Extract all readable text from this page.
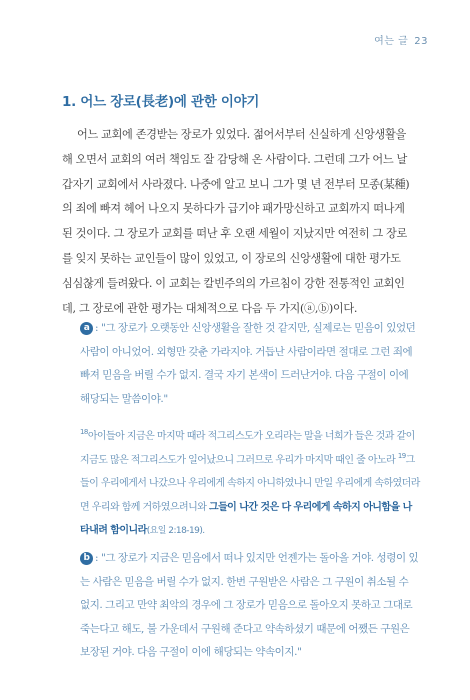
여는 글 23
1. 어느 장로(長老)에 관한 이야기
어느 교회에 존경받는 장로가 있었다. 젊어서부터 신실하게 신앙생활을
해 오면서 교회의 여러 책임도 잘 감당해 온 사람이다. 그런데 그가 어느 날
갑자기 교회에서 사라졌다. 나중에 알고 보니 그가 몇 년 전부터 모종(某種)
의 죄에 빠져 헤어 나오지 못하다가 급기야 패가망신하고 교회까지 떠나게
된 것이다. 그 장로가 교회를 떠난 후 오랜 세월이 지났지만 여전히 그 장로
를 잊지 못하는 교인들이 많이 있었고, 이 장로의 신앙생활에 대한 평가도
심심찮게 들려왔다. 이 교회는 칼빈주의의 가르침이 강한 전통적인 교회인
데, 그 장로에 관한 평가는 대체적으로 다음 두 가지(ⓐ,ⓑ)이다.
a : "그 장로가 오랫동안 신앙생활을 잘한 것 같지만, 실제로는 믿음이 있었던
사람이 아니었어. 외형만 갖춘 가라지야. 거듭난 사람이라면 절대로 그런 죄에
빠져 믿음을 버릴 수가 없지. 결국 자기 본색이 드러난거야. 다음 구절이 이에
해당되는 말씀이야."
$^{18}$아이들아 지금은 마지막 때라 적그리스도가 오리라는 말을 너희가 들은 것과 같이
지금도 많은 적그리스도가 일어났으니 그러므로 우리가 마지막 때인 줄 아노라 $^{19}$그
들이 우리에게서 나갔으나 우리에게 속하지 아니하였나니 만일 우리에게 속하였더라
면 우리와 함께 거하였으려니와 그들이 나간 것은 다 우리에게 속하지 아니함을 나
타내려 함이니라(요일 2:18-19).
b : "그 장로가 지금은 믿음에서 떠나 있지만 언젠가는 돌아올 거야. 성령이 있
는 사람은 믿음을 버릴 수가 없지. 한번 구원받은 사람은 그 구원이 취소될 수
없지. 그리고 만약 최악의 경우에 그 장로가 믿음으로 돌아오지 못하고 그대로
죽는다고 해도, 불 가운데서 구원해 준다고 약속하셨기 때문에 어쨌든 구원은
보장된 거야. 다음 구절이 이에 해당되는 약속이지."
